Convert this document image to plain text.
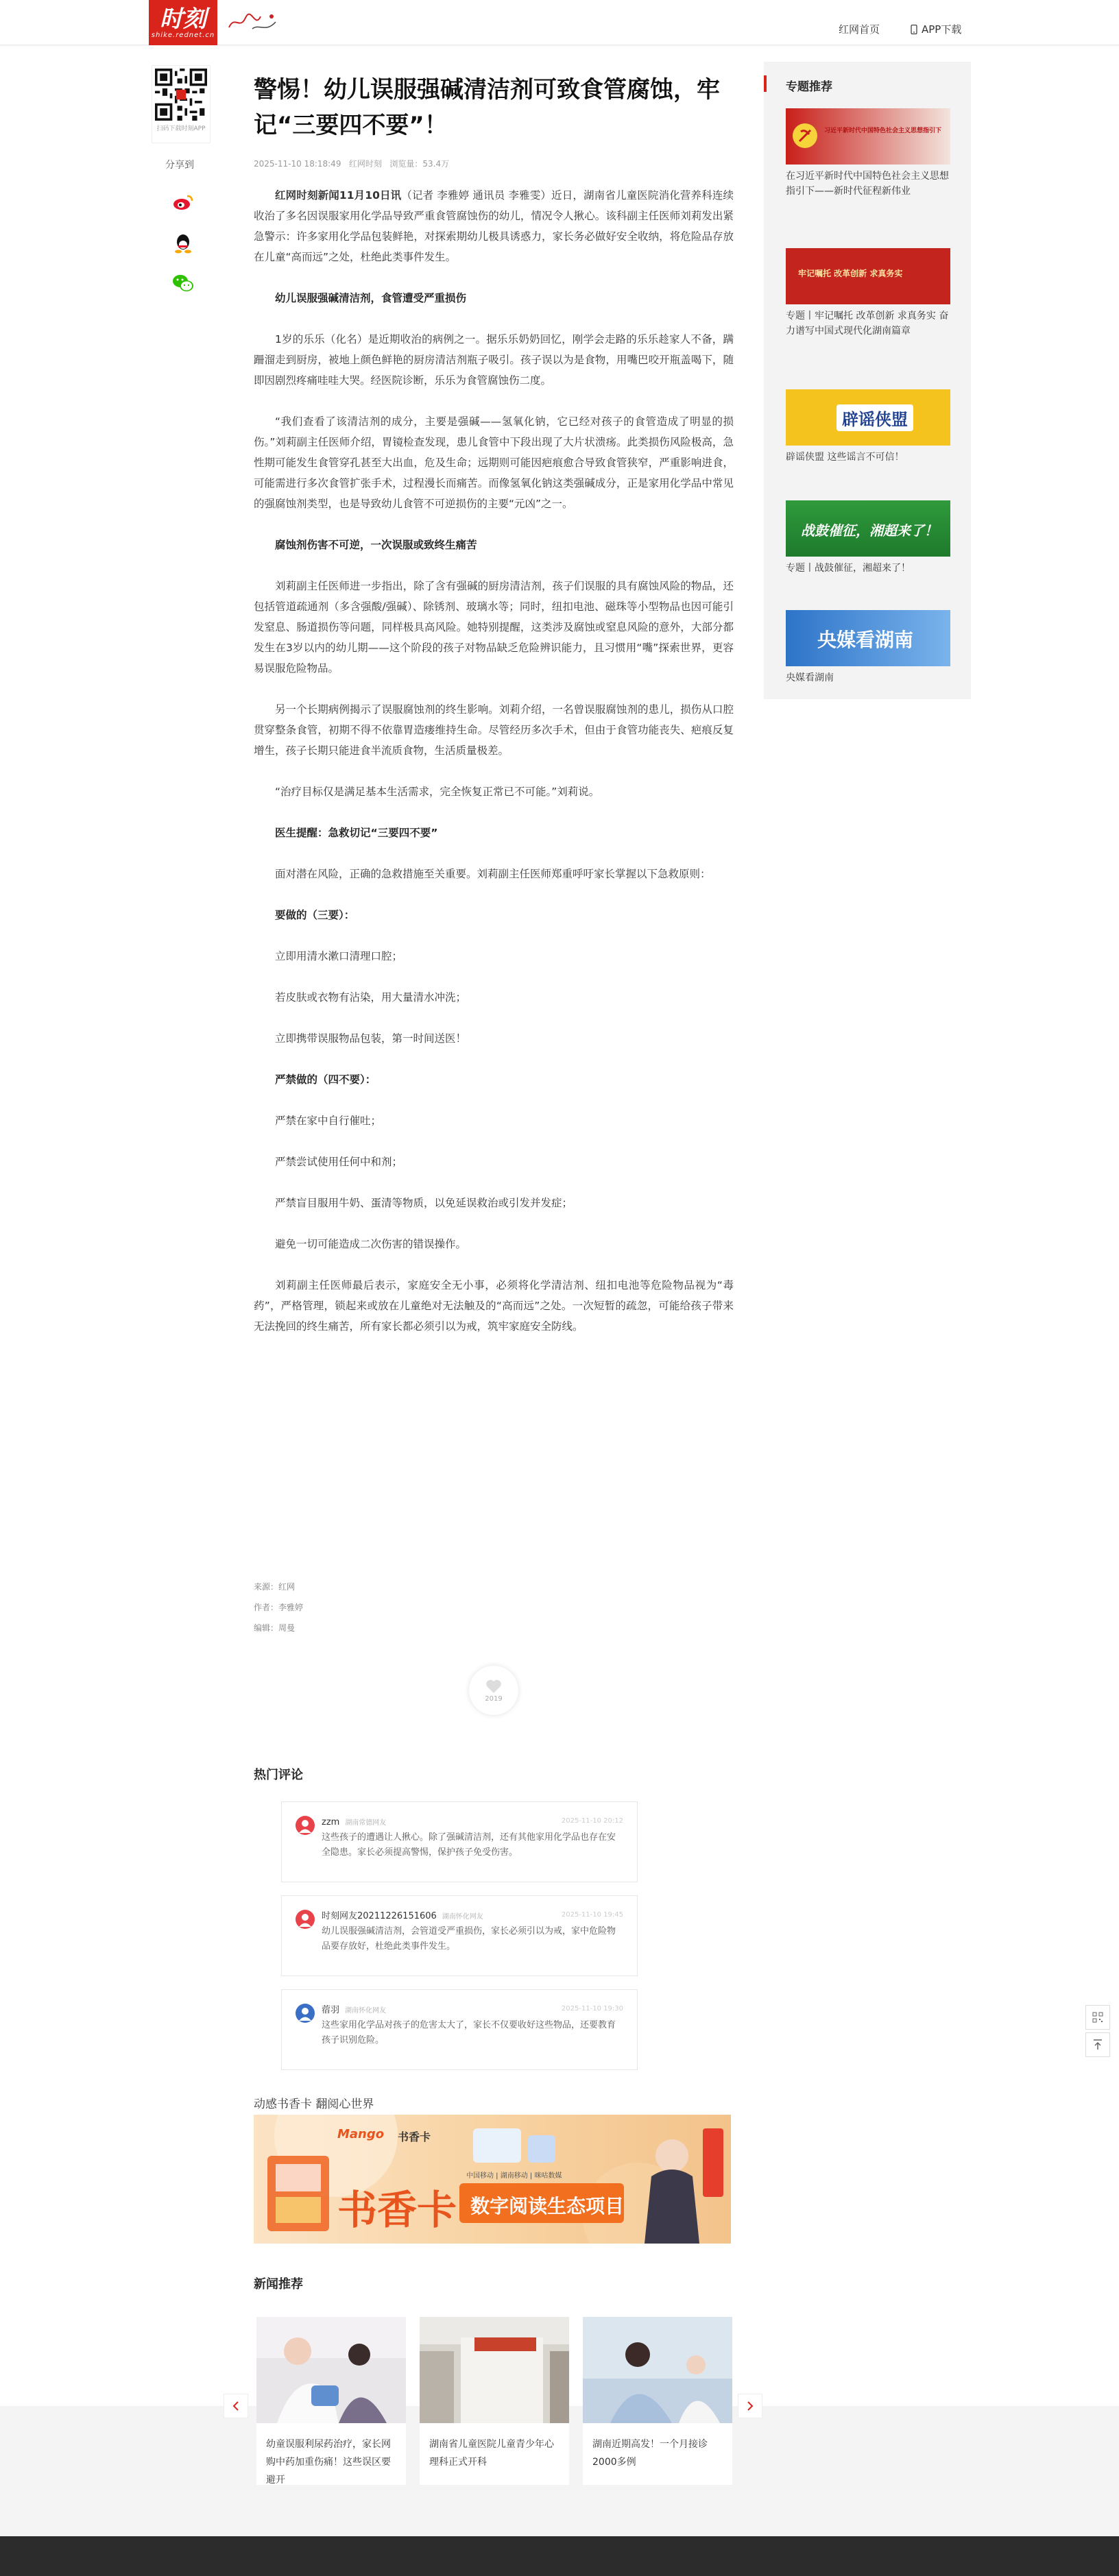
时刻
shike.rednet.cn	红网首页	APP下载
扫码下载时刻APP
分享到
警惕！幼儿误服强碱清洁剂可致食管腐蚀，牢记“三要四不要”！
2025-11-10 18:18:49 红网时刻 浏览量：53.4万

红网时刻新闻11月10日讯（记者 李雅婷 通讯员 李雅雯）近日，湖南省儿童医院消化营养科连续收治了多名因误服家用化学品导致严重食管腐蚀伤的幼儿，情况令人揪心。该科副主任医师刘莉发出紧急警示：许多家用化学品包装鲜艳，对探索期幼儿极具诱惑力，家长务必做好安全收纳，将危险品存放在儿童“高而远”之处，杜绝此类事件发生。

幼儿误服强碱清洁剂，食管遭受严重损伤

1岁的乐乐（化名）是近期收治的病例之一。据乐乐奶奶回忆，刚学会走路的乐乐趁家人不备，蹒跚溜走到厨房，被地上颜色鲜艳的厨房清洁剂瓶子吸引。孩子误以为是食物，用嘴巴咬开瓶盖喝下，随即因剧烈疼痛哇哇大哭。经医院诊断，乐乐为食管腐蚀伤二度。

“我们查看了该清洁剂的成分，主要是强碱——氢氧化钠，它已经对孩子的食管造成了明显的损伤。”刘莉副主任医师介绍，胃镜检查发现，患儿食管中下段出现了大片状溃疡。此类损伤风险极高，急性期可能发生食管穿孔甚至大出血，危及生命；远期则可能因疤痕愈合导致食管狭窄，严重影响进食，可能需进行多次食管扩张手术，过程漫长而痛苦。而像氢氧化钠这类强碱成分，正是家用化学品中常见的强腐蚀剂类型，也是导致幼儿食管不可逆损伤的主要“元凶”之一。

腐蚀剂伤害不可逆，一次误服或致终生痛苦

刘莉副主任医师进一步指出，除了含有强碱的厨房清洁剂，孩子们误服的具有腐蚀风险的物品，还包括管道疏通剂（多含强酸/强碱）、除锈剂、玻璃水等；同时，纽扣电池、磁珠等小型物品也因可能引发窒息、肠道损伤等问题，同样极具高风险。她特别提醒，这类涉及腐蚀或窒息风险的意外，大部分都发生在3岁以内的幼儿期——这个阶段的孩子对物品缺乏危险辨识能力，且习惯用“嘴”探索世界，更容易误服危险物品。

另一个长期病例揭示了误服腐蚀剂的终生影响。刘莉介绍，一名曾误服腐蚀剂的患儿，损伤从口腔贯穿整条食管，初期不得不依靠胃造瘘维持生命。尽管经历多次手术，但由于食管功能丧失、疤痕反复增生，孩子长期只能进食半流质食物，生活质量极差。

“治疗目标仅是满足基本生活需求，完全恢复正常已不可能。”刘莉说。

医生提醒：急救切记“三要四不要”

面对潜在风险，正确的急救措施至关重要。刘莉副主任医师郑重呼吁家长掌握以下急救原则：

要做的（三要）：

立即用清水漱口清理口腔；

若皮肤或衣物有沾染，用大量清水冲洗；

立即携带误服物品包装，第一时间送医！

严禁做的（四不要）：

严禁在家中自行催吐；

严禁尝试使用任何中和剂；

严禁盲目服用牛奶、蛋清等物质，以免延误救治或引发并发症；

避免一切可能造成二次伤害的错误操作。

刘莉副主任医师最后表示，家庭安全无小事，必须将化学清洁剂、纽扣电池等危险物品视为“毒药”，严格管理，锁起来或放在儿童绝对无法触及的“高而远”之处。一次短暂的疏忽，可能给孩子带来无法挽回的终生痛苦，所有家长都必须引以为戒，筑牢家庭安全防线。

来源：红网
作者：李雅婷
编辑：周曼
2019
热门评论
zzm 湖南常德网友	2025-11-10 20:12
这些孩子的遭遇让人揪心。除了强碱清洁剂，还有其他家用化学品也存在安全隐患。家长必须提高警惕，保护孩子免受伤害。
时刻网友20211226151606 湖南怀化网友	2025-11-10 19:45
幼儿误服强碱清洁剂，会管道受严重损伤，家长必须引以为戒，家中危险物品要存放好，杜绝此类事件发生。
蓿羽 湖南怀化网友	2025-11-10 19:30
这些家用化学品对孩子的危害太大了，家长不仅要收好这些物品，还要教育孩子识别危险。
动感书香卡 翻阅心世界
Mango 书香卡
中国移动 | 湖南移动 | 咪咕数媒
书香卡 数字阅读生态项目
新闻推荐
幼童误服利尿药治疗，家长网购中药加重伤痛！这些误区要避开
湖南省儿童医院儿童青少年心理科正式开科
湖南近期高发！一个月接诊2000多例
专题推荐
习近平新时代中国特色社会主义思想指引下
在习近平新时代中国特色社会主义思想指引下——新时代征程新伟业
牢记嘱托 改革创新 求真务实
专题丨牢记嘱托 改革创新 求真务实 奋力谱写中国式现代化湖南篇章
辟谣侠盟
辟谣侠盟 这些谣言不可信！
战鼓催征，湘超来了！
专题丨战鼓催征，湘超来了！
央媒看湖南
央媒看湖南
